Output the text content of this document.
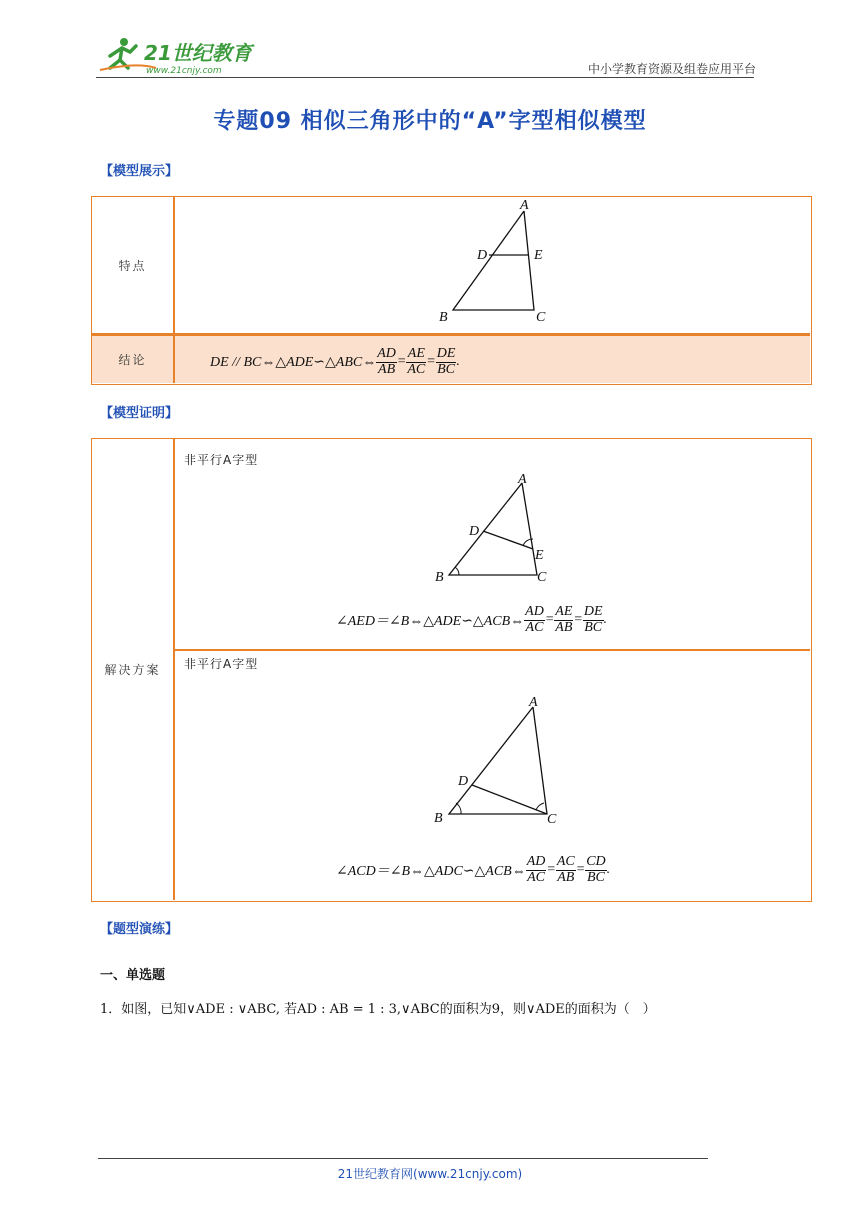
21世纪教育
www.21cnjy.com	中小学教育资源及组卷应用平台
专题09 相似三角形中的“A”字型相似模型
【模型展示】
特点
A
D	E
B	C
结论	DE // BC⇔△ADE∽△ABC⇔ $\frac{AD}{AB} = \frac{AE}{AC} = \frac{DE}{BC}$ .
【模型证明】
解决方案
非平行A字型
A
D
E
B	C
∠AED＝∠B⇔△ADE∽△ACB⇔ $\frac{AD}{AC} = \frac{AE}{AB} = \frac{DE}{BC}$ .
非平行A字型
A
D
B	C
∠ACD＝∠B⇔△ADC∽△ACB⇔ $\frac{AD}{AC} = \frac{AC}{AB} = \frac{CD}{BC}$ .
【题型演练】
一、单选题
1．如图，已知∨ADE : ∨ABC, 若AD : AB = 1 : 3,∨ABC的面积为9，则∨ADE的面积为（　）
21世纪教育网(www.21cnjy.com)
